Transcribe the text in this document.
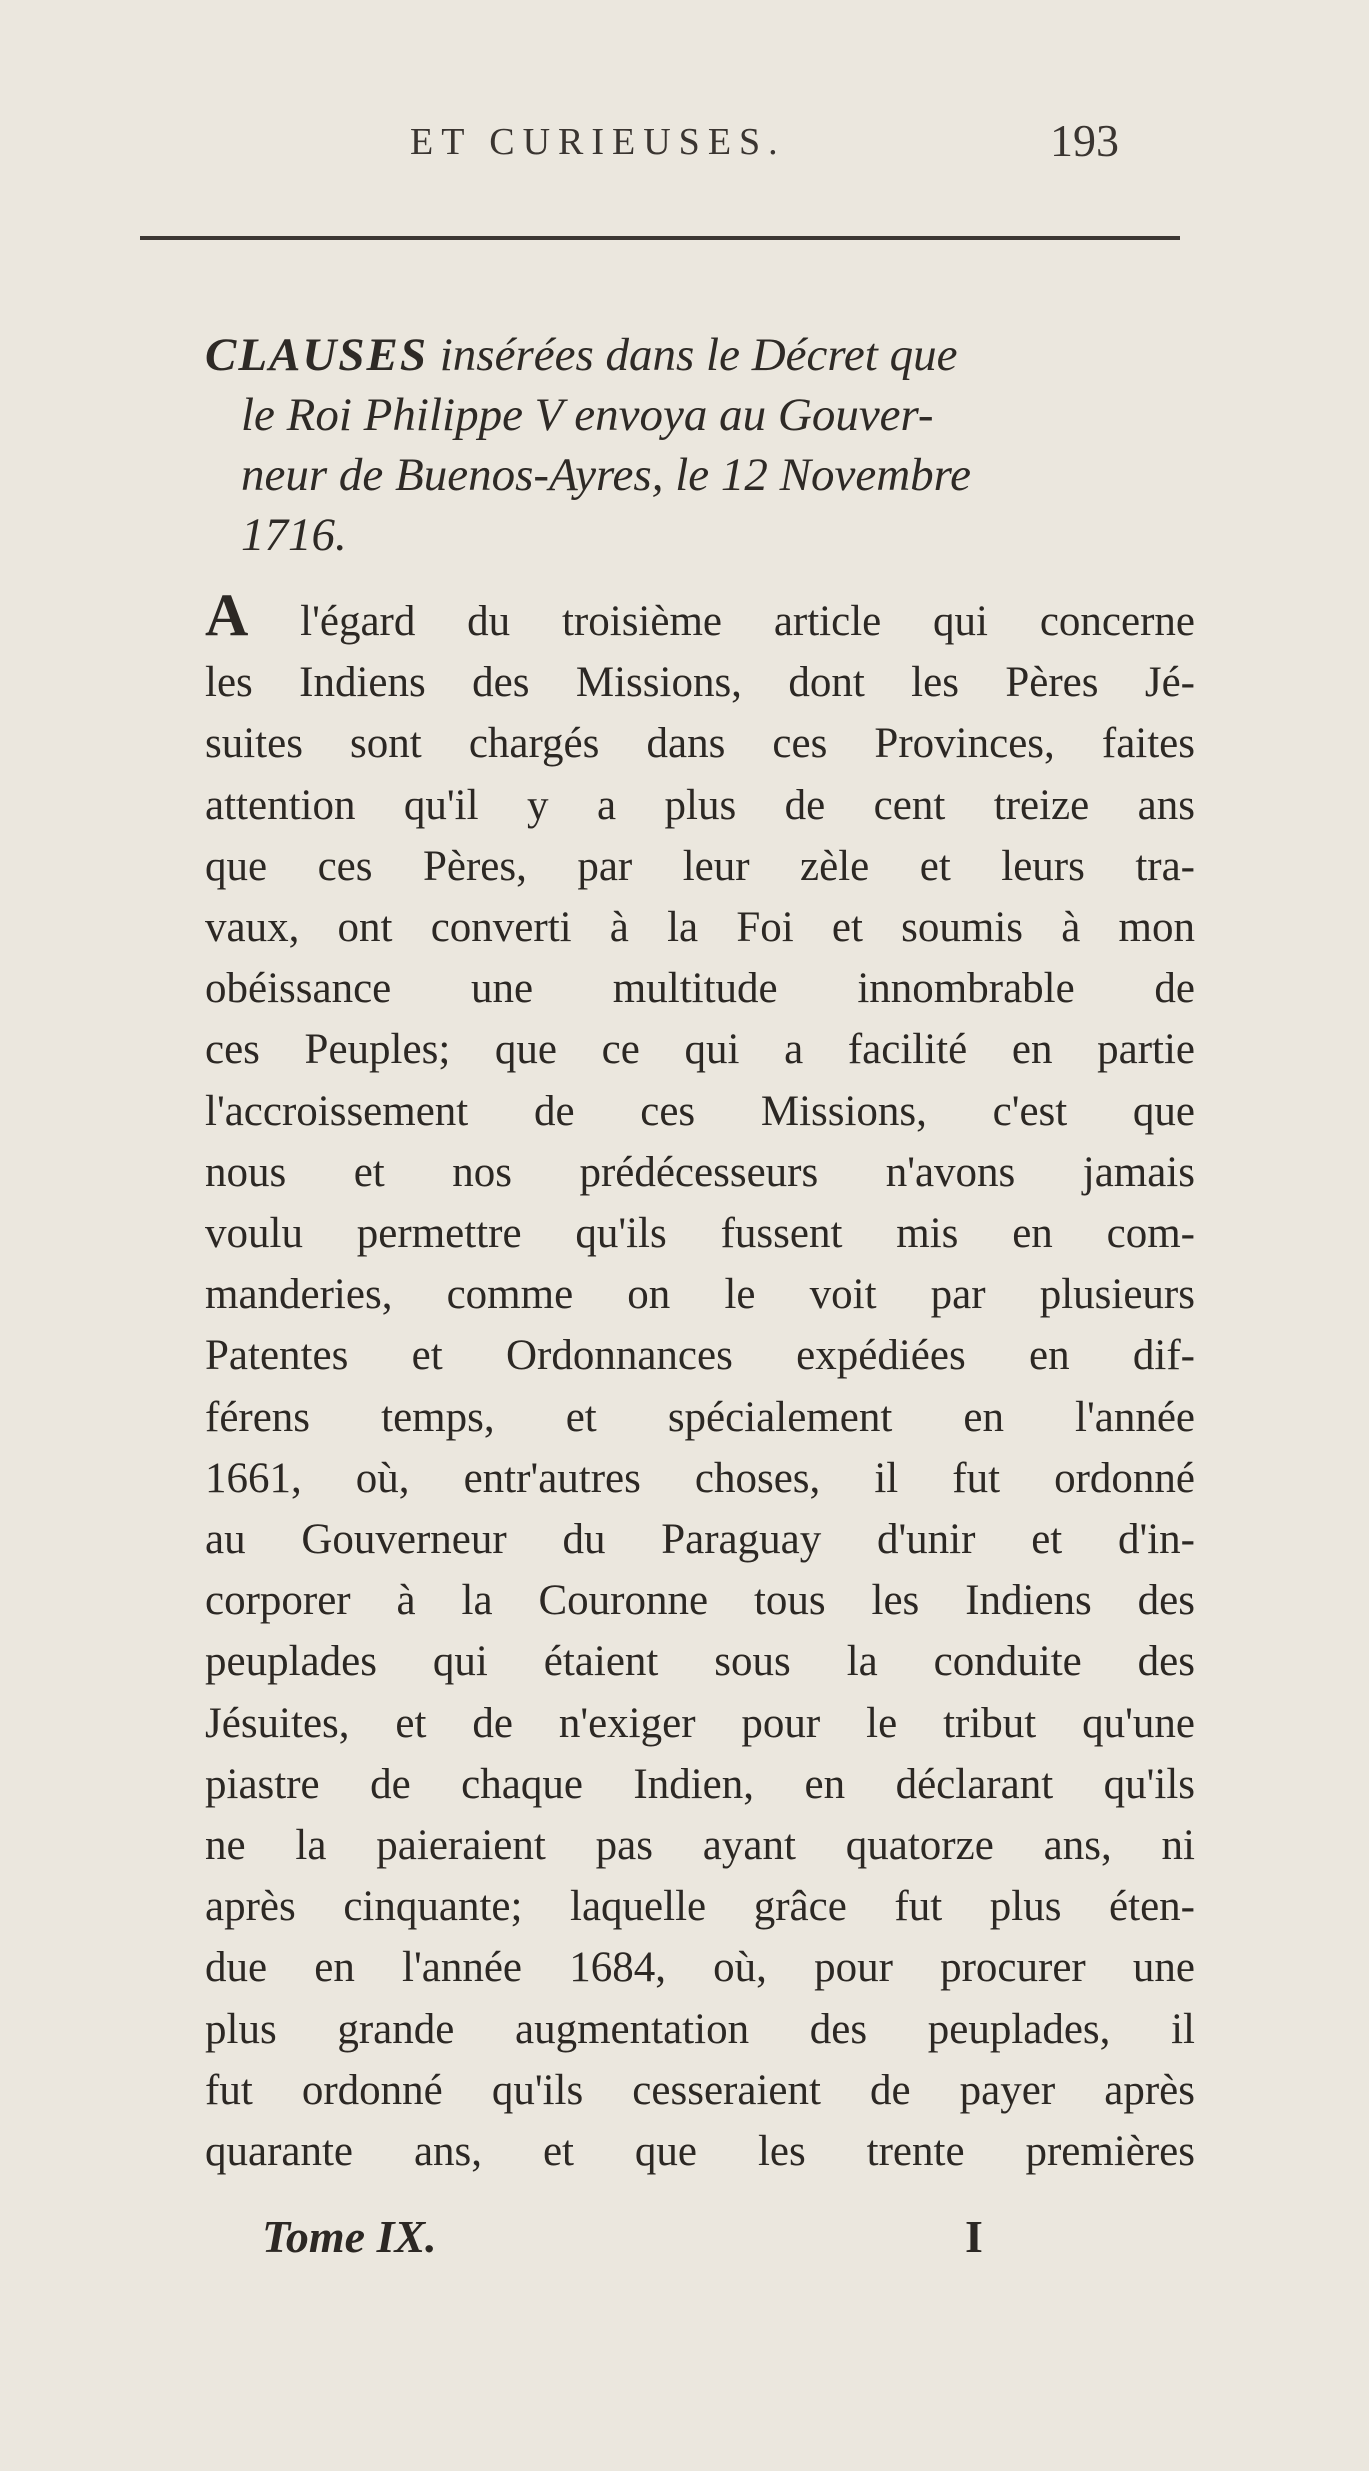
ET CURIEUSES.	193
CLAUSES insérées dans le Décret que
le Roi Philippe V envoya au Gouver-
neur de Buenos-Ayres, le 12 Novembre
1716.
A l'égard du troisième article qui concerne
les Indiens des Missions, dont les Pères Jé-
suites sont chargés dans ces Provinces, faites
attention qu'il y a plus de cent treize ans
que ces Pères, par leur zèle et leurs tra-
vaux, ont converti à la Foi et soumis à mon
obéissance une multitude innombrable de
ces Peuples; que ce qui a facilité en partie
l'accroissement de ces Missions, c'est que
nous et nos prédécesseurs n'avons jamais
voulu permettre qu'ils fussent mis en com-
manderies, comme on le voit par plusieurs
Patentes et Ordonnances expédiées en dif-
férens temps, et spécialement en l'année
1661, où, entr'autres choses, il fut ordonné
au Gouverneur du Paraguay d'unir et d'in-
corporer à la Couronne tous les Indiens des
peuplades qui étaient sous la conduite des
Jésuites, et de n'exiger pour le tribut qu'une
piastre de chaque Indien, en déclarant qu'ils
ne la paieraient pas ayant quatorze ans, ni
après cinquante; laquelle grâce fut plus éten-
due en l'année 1684, où, pour procurer une
plus grande augmentation des peuplades, il
fut ordonné qu'ils cesseraient de payer après
quarante ans, et que les trente premières
Tome IX.	I
